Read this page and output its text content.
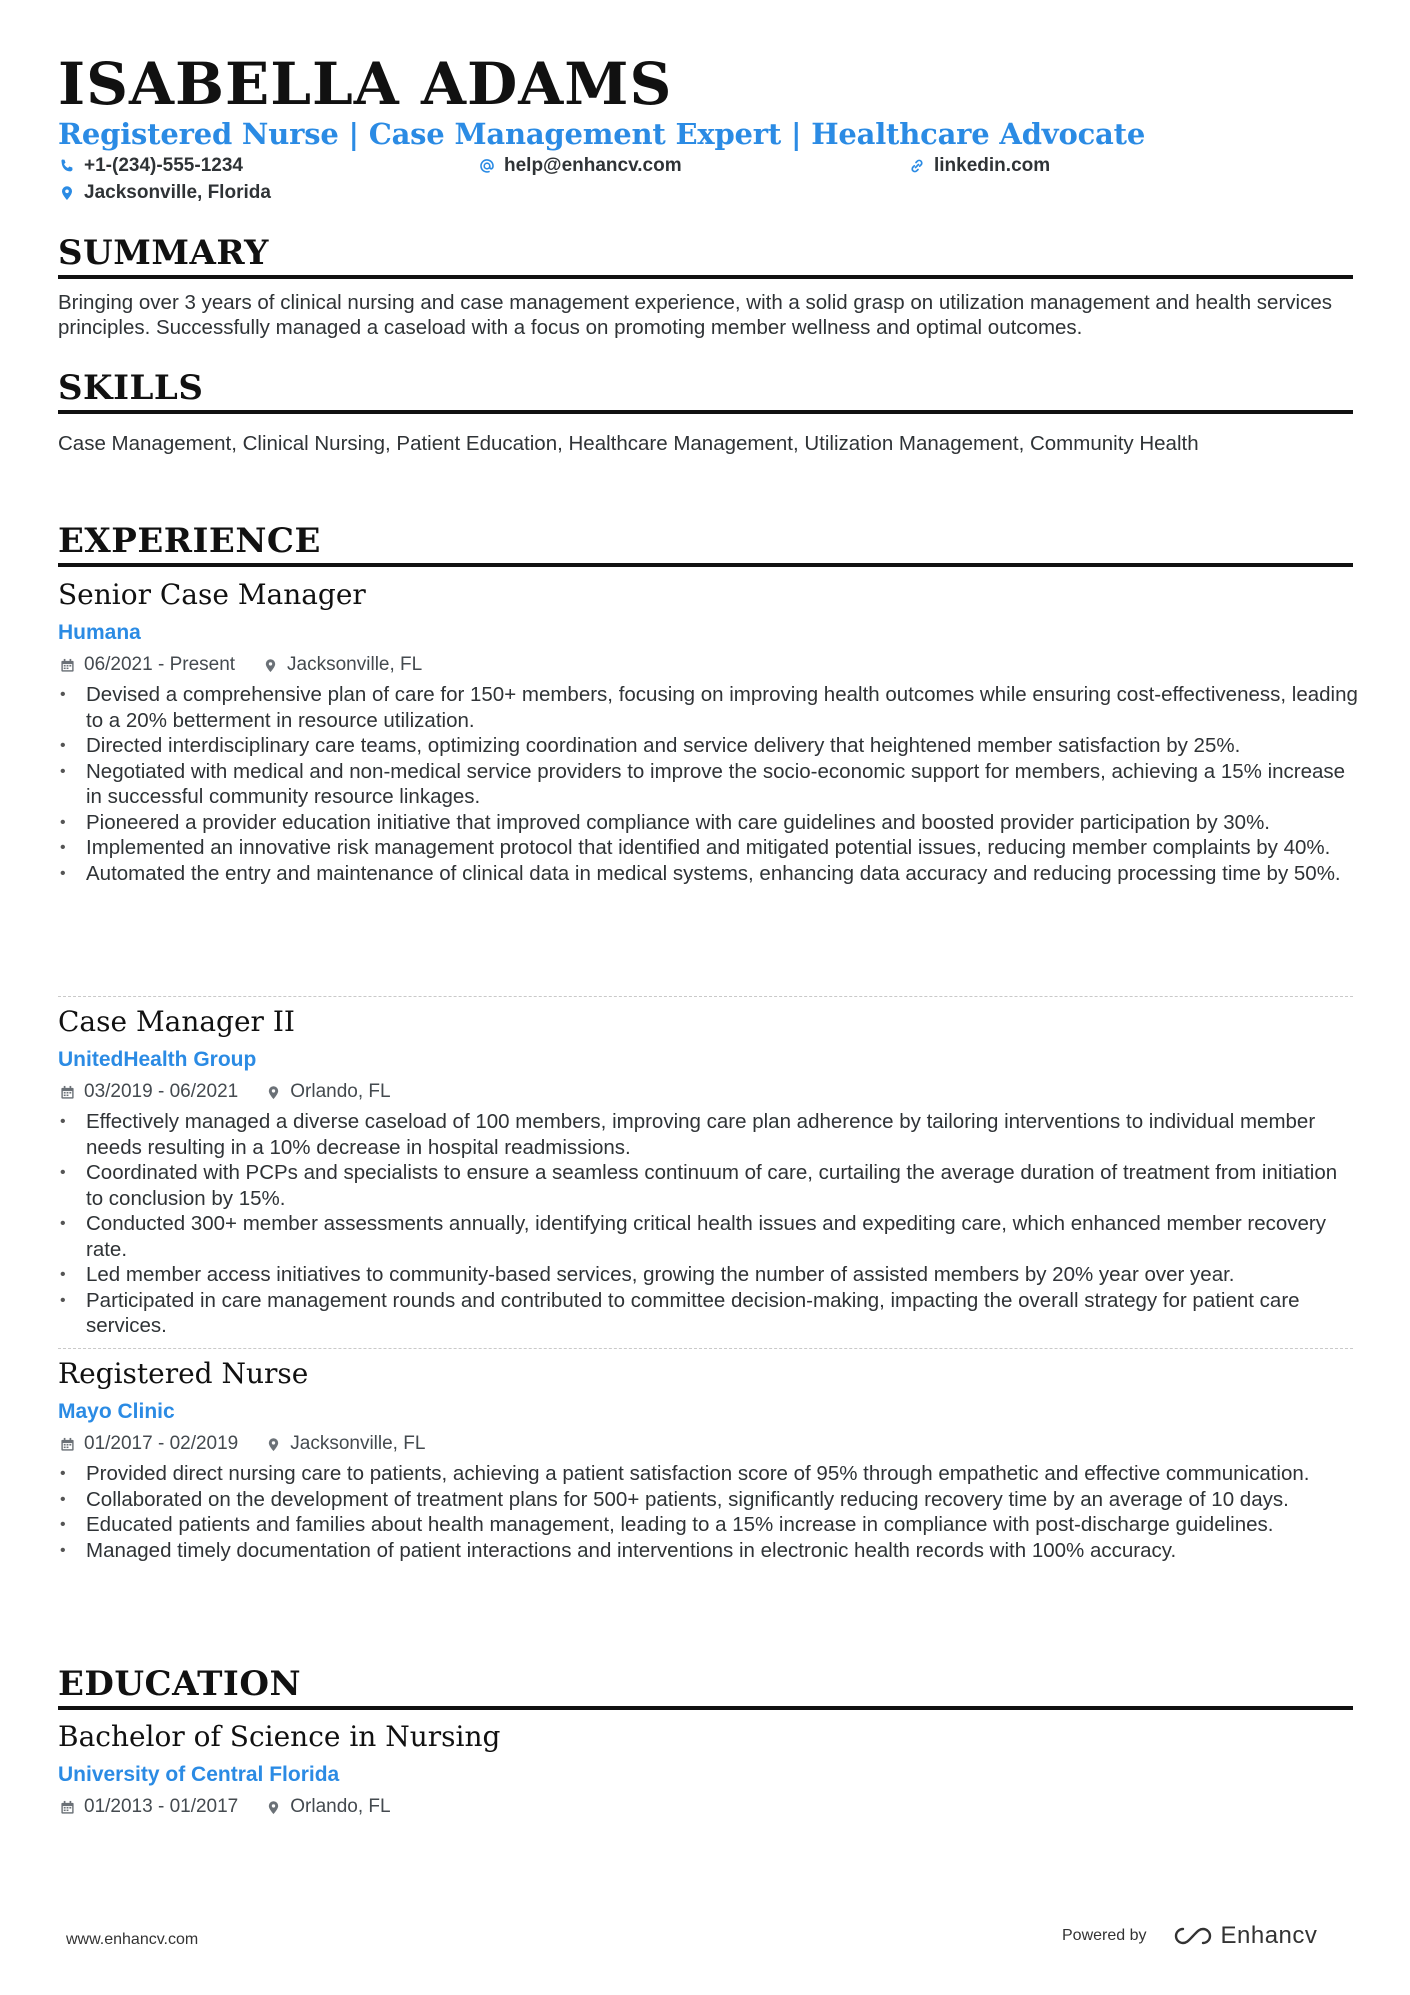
ISABELLA ADAMS
Registered Nurse | Case Management Expert | Healthcare Advocate
+1-(234)-555-1234	help@enhancv.com	linkedin.com
Jacksonville, Florida
SUMMARY
Bringing over 3 years of clinical nursing and case management experience, with a solid grasp on utilization management and health services principles. Successfully managed a caseload with a focus on promoting member wellness and optimal outcomes.
SKILLS
Case Management, Clinical Nursing, Patient Education, Healthcare Management, Utilization Management, Community Health
EXPERIENCE
Senior Case Manager
Humana
06/2021 - Present	Jacksonville, FL
• Devised a comprehensive plan of care for 150+ members, focusing on improving health outcomes while ensuring cost-effectiveness, leading to a 20% betterment in resource utilization.
• Directed interdisciplinary care teams, optimizing coordination and service delivery that heightened member satisfaction by 25%.
• Negotiated with medical and non-medical service providers to improve the socio-economic support for members, achieving a 15% increase in successful community resource linkages.
• Pioneered a provider education initiative that improved compliance with care guidelines and boosted provider participation by 30%.
• Implemented an innovative risk management protocol that identified and mitigated potential issues, reducing member complaints by 40%.
• Automated the entry and maintenance of clinical data in medical systems, enhancing data accuracy and reducing processing time by 50%.
Case Manager II
UnitedHealth Group
03/2019 - 06/2021	Orlando, FL
• Effectively managed a diverse caseload of 100 members, improving care plan adherence by tailoring interventions to individual member needs resulting in a 10% decrease in hospital readmissions.
• Coordinated with PCPs and specialists to ensure a seamless continuum of care, curtailing the average duration of treatment from initiation to conclusion by 15%.
• Conducted 300+ member assessments annually, identifying critical health issues and expediting care, which enhanced member recovery rate.
• Led member access initiatives to community-based services, growing the number of assisted members by 20% year over year.
• Participated in care management rounds and contributed to committee decision-making, impacting the overall strategy for patient care services.
Registered Nurse
Mayo Clinic
01/2017 - 02/2019	Jacksonville, FL
• Provided direct nursing care to patients, achieving a patient satisfaction score of 95% through empathetic and effective communication.
• Collaborated on the development of treatment plans for 500+ patients, significantly reducing recovery time by an average of 10 days.
• Educated patients and families about health management, leading to a 15% increase in compliance with post-discharge guidelines.
• Managed timely documentation of patient interactions and interventions in electronic health records with 100% accuracy.
EDUCATION
Bachelor of Science in Nursing
University of Central Florida
01/2013 - 01/2017	Orlando, FL
www.enhancv.com	Powered by	Enhancv
